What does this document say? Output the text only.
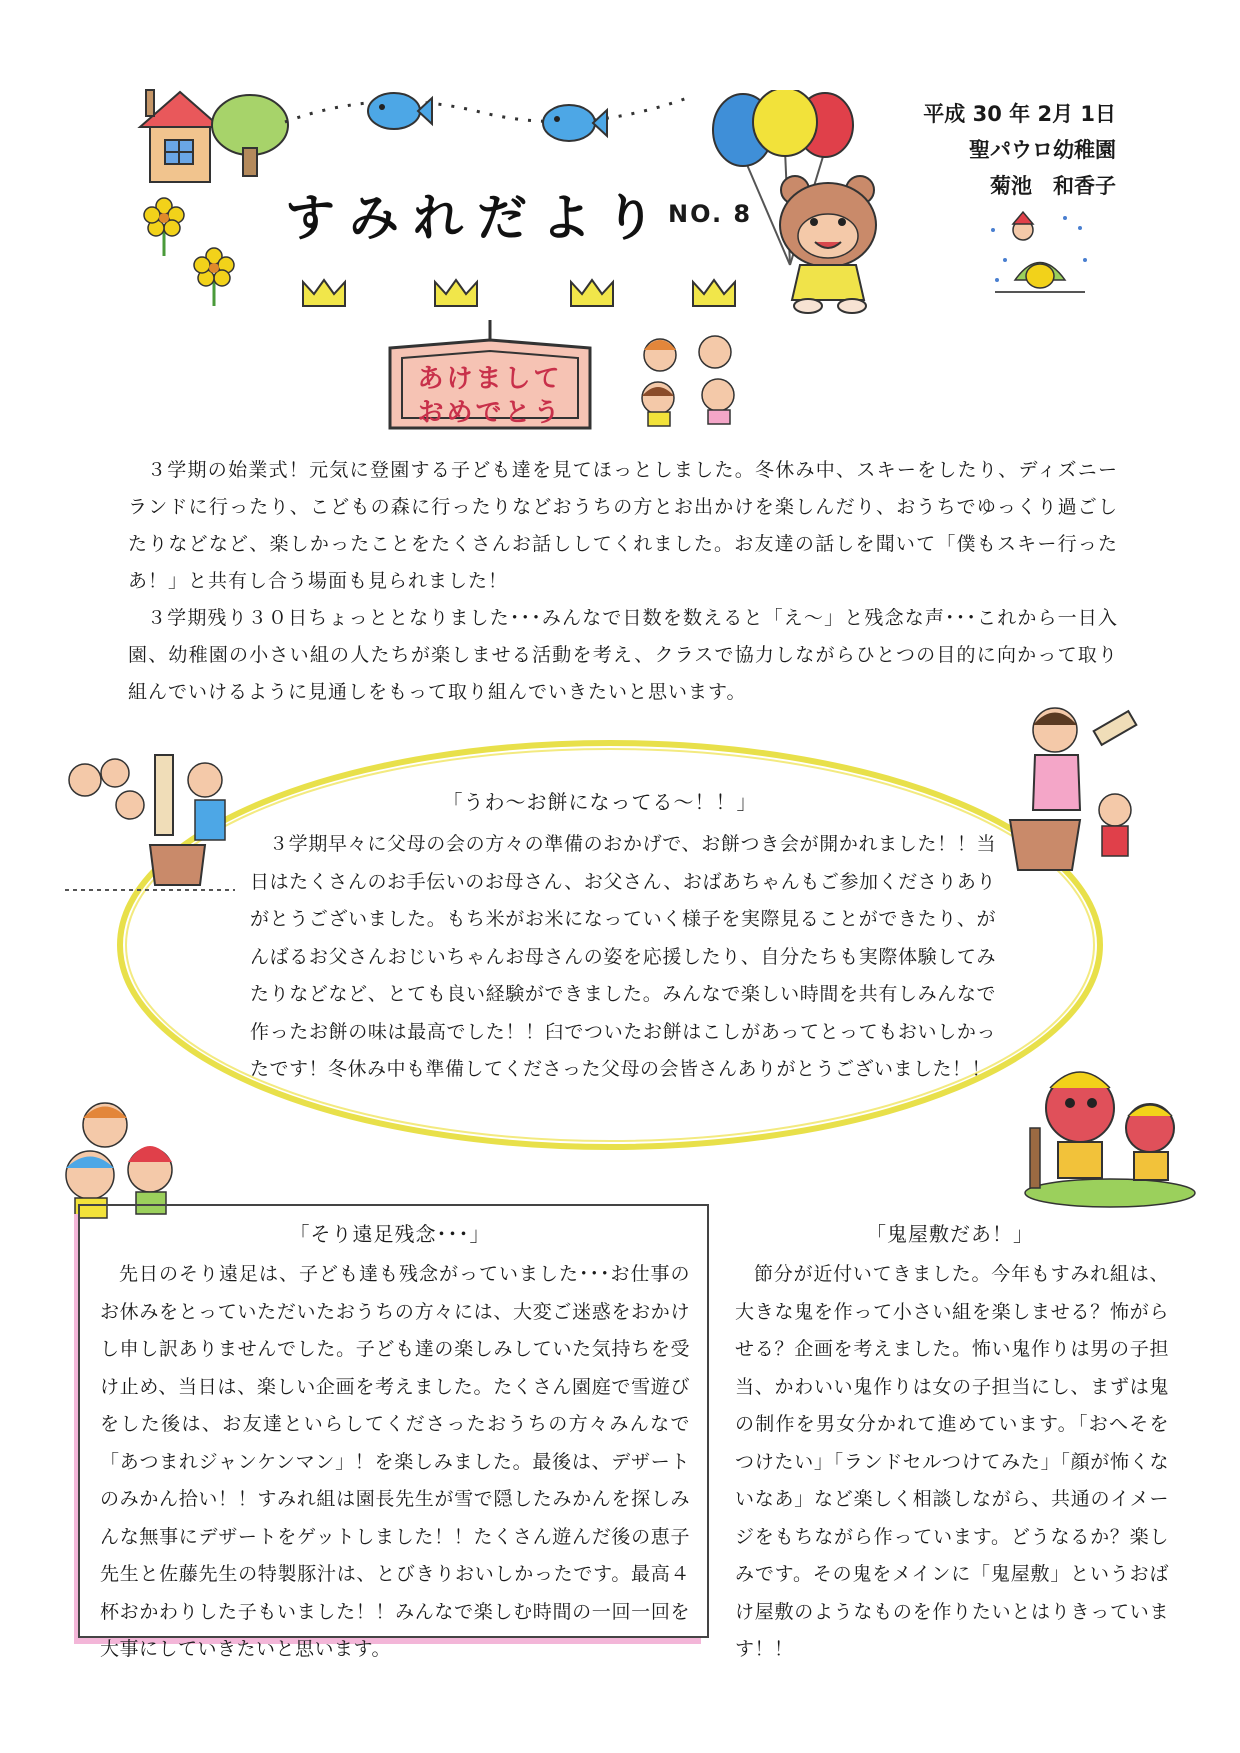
すみれだより NO. 8
平成 30 年 2月 1日
聖パウロ幼稚園
菊池　和香子
あけまして
おめでとう

３学期の始業式！元気に登園する子ども達を見てほっとしました。冬休み中、スキーをしたり、ディズニーランドに行ったり、こどもの森に行ったりなどおうちの方とお出かけを楽しんだり、おうちでゆっくり過ごしたりなどなど、楽しかったことをたくさんお話ししてくれました。お友達の話しを聞いて「僕もスキー行ったあ！」と共有し合う場面も見られました！

３学期残り３０日ちょっととなりました･･･みんなで日数を数えると「え～」と残念な声･･･これから一日入園、幼稚園の小さい組の人たちが楽しませる活動を考え、クラスで協力しながらひとつの目的に向かって取り組んでいけるように見通しをもって取り組んでいきたいと思います。

「うわ～お餅になってる～！！」

３学期早々に父母の会の方々の準備のおかげで、お餅つき会が開かれました！！当日はたくさんのお手伝いのお母さん、お父さん、おばあちゃんもご参加くださりありがとうございました。もち米がお米になっていく様子を実際見ることができたり、がんばるお父さんおじいちゃんお母さんの姿を応援したり、自分たちも実際体験してみたりなどなど、とても良い経験ができました。みんなで楽しい時間を共有しみんなで作ったお餅の味は最高でした！！臼でついたお餅はこしがあってとってもおいしかったです！冬休み中も準備してくださった父母の会皆さんありがとうございました！！

「そり遠足残念･･･」

先日のそり遠足は、子ども達も残念がっていました･･･お仕事のお休みをとっていただいたおうちの方々には、大変ご迷惑をおかけし申し訳ありませんでした。子ども達の楽しみしていた気持ちを受け止め、当日は、楽しい企画を考えました。たくさん園庭で雪遊びをした後は、お友達といらしてくださったおうちの方々みんなで「あつまれジャンケンマン」！を楽しみました。最後は、デザートのみかん拾い！！すみれ組は園長先生が雪で隠したみかんを探しみんな無事にデザートをゲットしました！！たくさん遊んだ後の恵子先生と佐藤先生の特製豚汁は、とびきりおいしかったです。最高４杯おかわりした子もいました！！みんなで楽しむ時間の一回一回を大事にしていきたいと思います。

「鬼屋敷だあ！」

節分が近付いてきました。今年もすみれ組は、大きな鬼を作って小さい組を楽しませる？怖がらせる？企画を考えました。怖い鬼作りは男の子担当、かわいい鬼作りは女の子担当にし、まずは鬼の制作を男女分かれて進めています。「おへそをつけたい」「ランドセルつけてみた」「顔が怖くないなあ」など楽しく相談しながら、共通のイメージをもちながら作っています。どうなるか？楽しみです。その鬼をメインに「鬼屋敷」というおばけ屋敷のようなものを作りたいとはりきっています！！
